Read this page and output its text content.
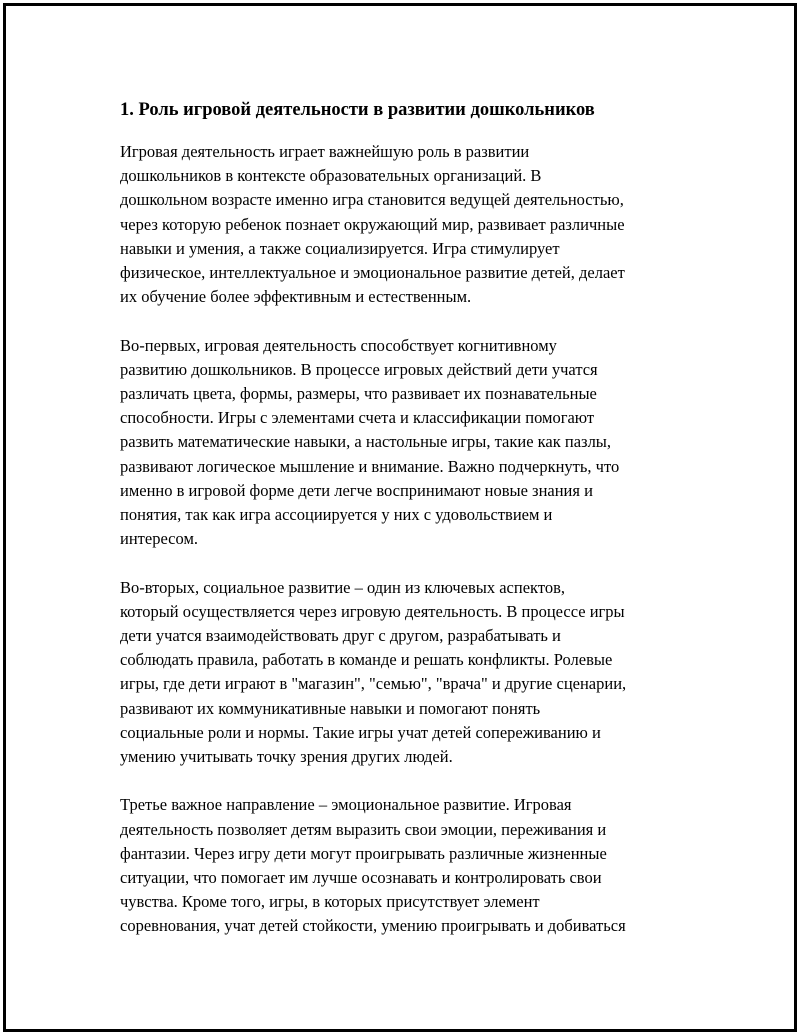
1. Роль игровой деятельности в развитии дошкольников

Игровая деятельность играет важнейшую роль в развитии
дошкольников в контексте образовательных организаций. В
дошкольном возрасте именно игра становится ведущей деятельностью,
через которую ребенок познает окружающий мир, развивает различные
навыки и умения, а также социализируется. Игра стимулирует
физическое, интеллектуальное и эмоциональное развитие детей, делает
их обучение более эффективным и естественным.

Во-первых, игровая деятельность способствует когнитивному
развитию дошкольников. В процессе игровых действий дети учатся
различать цвета, формы, размеры, что развивает их познавательные
способности. Игры с элементами счета и классификации помогают
развить математические навыки, а настольные игры, такие как пазлы,
развивают логическое мышление и внимание. Важно подчеркнуть, что
именно в игровой форме дети легче воспринимают новые знания и
понятия, так как игра ассоциируется у них с удовольствием и
интересом.

Во-вторых, социальное развитие – один из ключевых аспектов,
который осуществляется через игровую деятельность. В процессе игры
дети учатся взаимодействовать друг с другом, разрабатывать и
соблюдать правила, работать в команде и решать конфликты. Ролевые
игры, где дети играют в "магазин", "семью", "врача" и другие сценарии,
развивают их коммуникативные навыки и помогают понять
социальные роли и нормы. Такие игры учат детей сопереживанию и
умению учитывать точку зрения других людей.

Третье важное направление – эмоциональное развитие. Игровая
деятельность позволяет детям выразить свои эмоции, переживания и
фантазии. Через игру дети могут проигрывать различные жизненные
ситуации, что помогает им лучше осознавать и контролировать свои
чувства. Кроме того, игры, в которых присутствует элемент
соревнования, учат детей стойкости, умению проигрывать и добиваться
